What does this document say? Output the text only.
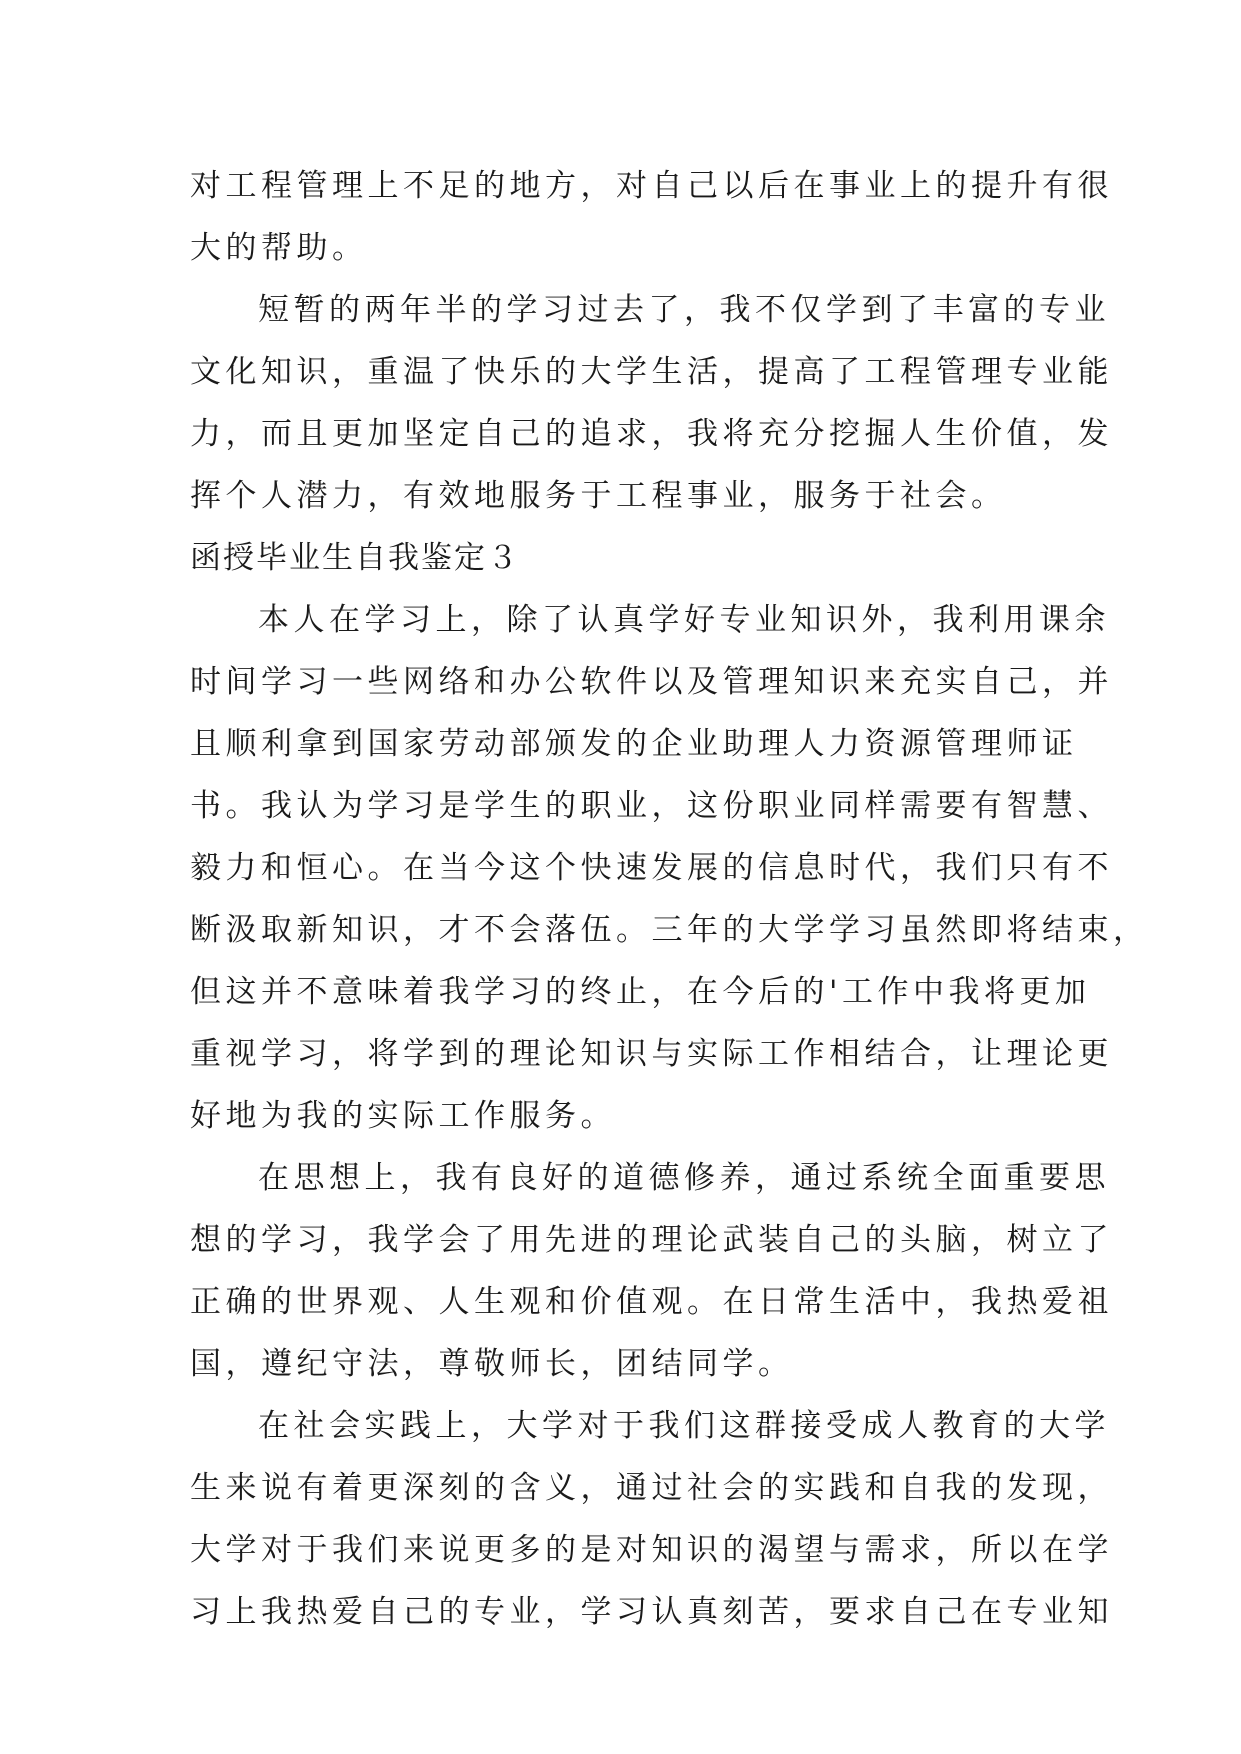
对工程管理上不足的地方，对自己以后在事业上的提升有很
大的帮助。
短暂的两年半的学习过去了，我不仅学到了丰富的专业
文化知识，重温了快乐的大学生活，提高了工程管理专业能
力，而且更加坚定自己的追求，我将充分挖掘人生价值，发
挥个人潜力，有效地服务于工程事业，服务于社会。
函授毕业生自我鉴定３
本人在学习上，除了认真学好专业知识外，我利用课余
时间学习一些网络和办公软件以及管理知识来充实自己，并
且顺利拿到国家劳动部颁发的企业助理人力资源管理师证
书。我认为学习是学生的职业，这份职业同样需要有智慧、
毅力和恒心。在当今这个快速发展的信息时代，我们只有不
断汲取新知识，才不会落伍。三年的大学学习虽然即将结束，
但这并不意味着我学习的终止，在今后的'工作中我将更加
重视学习，将学到的理论知识与实际工作相结合，让理论更
好地为我的实际工作服务。
在思想上，我有良好的道德修养，通过系统全面重要思
想的学习，我学会了用先进的理论武装自己的头脑，树立了
正确的世界观、人生观和价值观。在日常生活中，我热爱祖
国，遵纪守法，尊敬师长，团结同学。
在社会实践上，大学对于我们这群接受成人教育的大学
生来说有着更深刻的含义，通过社会的实践和自我的发现，
大学对于我们来说更多的是对知识的渴望与需求，所以在学
习上我热爱自己的专业，学习认真刻苦，要求自己在专业知
